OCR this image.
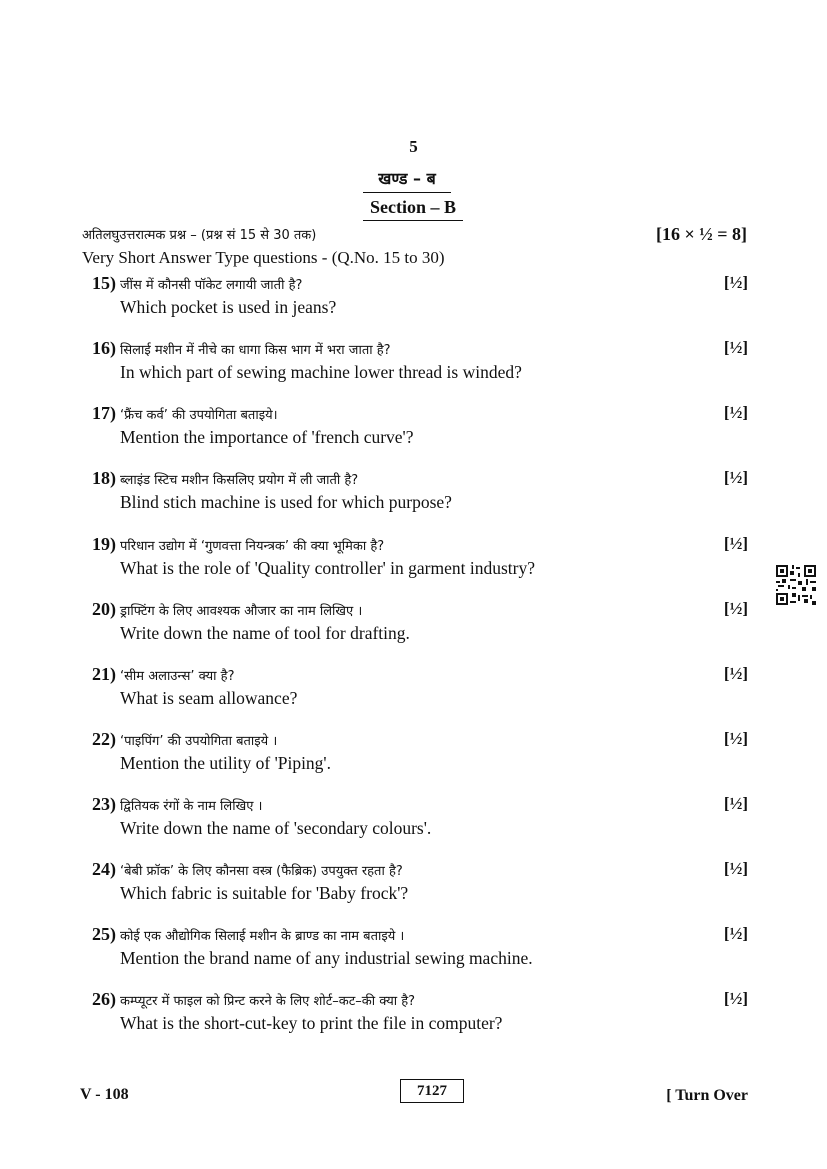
5
खण्ड – ब
Section – B
अतिलघुउत्तरात्मक प्रश्न – (प्रश्न सं 15 से 30 तक)	[16 × ½ = 8]
Very Short Answer Type questions - (Q.No. 15 to 30)
15) जींस में कौनसी पॉकेट लगायी जाती है?
Which pocket is used in jeans?
[½]
16) सिलाई मशीन में नीचे का धागा किस भाग में भरा जाता है?
In which part of sewing machine lower thread is winded?
[½]
17) ‘फ्रैंच कर्व’ की उपयोगिता बताइये।
Mention the importance of 'french curve'?
[½]
18) ब्लाइंड स्टिच मशीन किसलिए प्रयोग में ली जाती है?
Blind stich machine is used for which purpose?
[½]
19) परिधान उद्योग में ‘गुणवत्ता नियन्त्रक’ की क्या भूमिका है?
What is the role of 'Quality controller' in garment industry?
[½]
20) ड्राफ्टिंग के लिए आवश्यक औजार का नाम लिखिए ।
Write down the name of tool for drafting.
[½]
21) ‘सीम अलाउन्स’ क्या है?
What is seam allowance?
[½]
22) ‘पाइपिंग’ की उपयोगिता बताइये ।
Mention the utility of 'Piping'.
[½]
23) द्वितियक रंगों के नाम लिखिए ।
Write down the name of 'secondary colours'.
[½]
24) ‘बेबी फ्रॉक’ के लिए कौनसा वस्त्र (फैब्रिक) उपयुक्त रहता है?
Which fabric is suitable for 'Baby frock'?
[½]
25) कोई एक औद्योगिक सिलाई मशीन के ब्राण्ड का नाम बताइये ।
Mention the brand name of any industrial sewing machine.
[½]
26) कम्प्यूटर में फाइल को प्रिन्ट करने के लिए शोर्ट–कट–की क्या है?
What is the short-cut-key to print the file in computer?
[½]
V - 108	7127	[ Turn Over
